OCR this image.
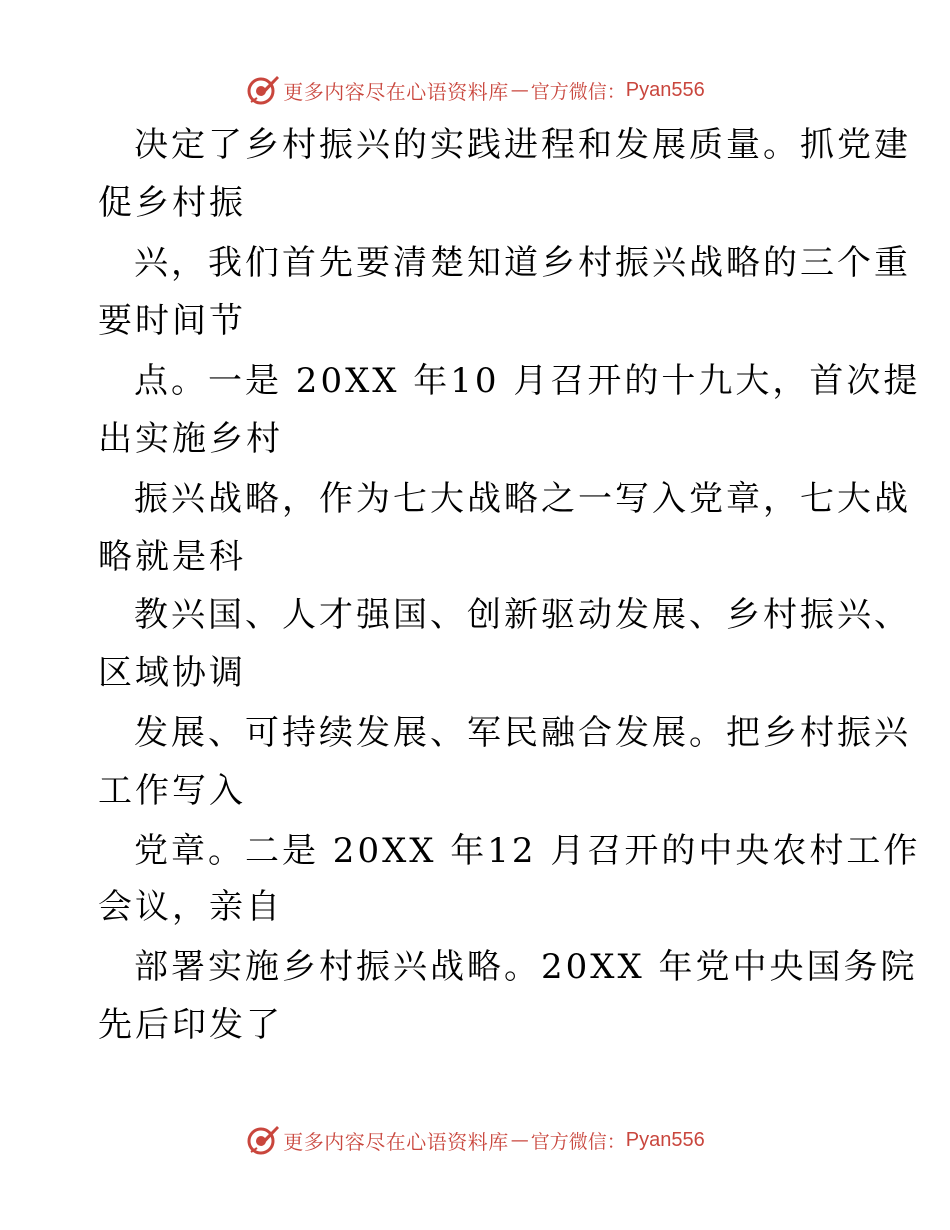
更多内容尽在心语资料库 — 官方微信： Pyan556
决定了乡村振兴的实践进程和发展质量。抓党建
促乡村振
兴，我们首先要清楚知道乡村振兴战略的三个重
要时间节
点。一是 20XX 年10 月召开的十九大，首次提
出实施乡村
振兴战略，作为七大战略之一写入党章，七大战
略就是科
教兴国、人才强国、创新驱动发展、乡村振兴、
区域协调
发展、可持续发展、军民融合发展。把乡村振兴
工作写入
党章。二是 20XX 年12 月召开的中央农村工作
会议，亲自
部署实施乡村振兴战略。20XX 年党中央国务院
先后印发了
更多内容尽在心语资料库 — 官方微信： Pyan556
